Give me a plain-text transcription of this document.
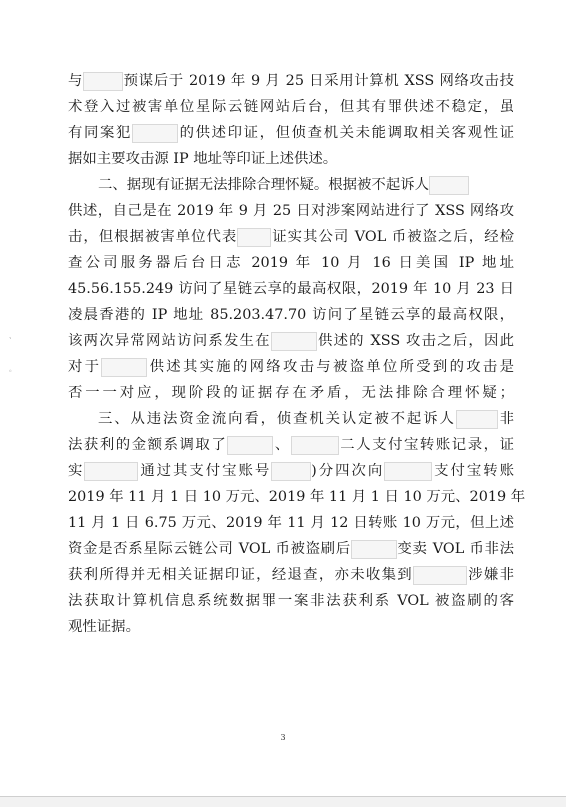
与	预谋后于 2019 年 9 月 25 日采用计算机 XSS 网络攻击技
术登入过被害单位星际云链网站后台，但其有罪供述不稳定，虽
有同案犯	的供述印证，但侦查机关未能调取相关客观性证
据如主要攻击源 IP 地址等印证上述供述。
二、据现有证据无法排除合理怀疑。根据被不起诉人
供述，自己是在 2019 年 9 月 25 日对涉案网站进行了 XSS 网络攻
击，但根据被害单位代表 证实其公司 VOL 币被盗之后，经检
查公司服务器后台日志 2019 年 10 月 16 日美国 IP 地址
45.56.155.249 访问了星链云享的最高权限，2019 年 10 月 23 日
凌晨香港的 IP 地址 85.203.47.70 访问了星链云享的最高权限，
该两次异常网站访问系发生在	供述的 XSS 攻击之后，因此
对于	供述其实施的网络攻击与被盗单位所受到的攻击是
否一一对应，现阶段的证据存在矛盾，无法排除合理怀疑；
三、从违法资金流向看，侦查机关认定被不起诉人	非
法获利的金额系调取了	、	二人支付宝转账记录，证
实	通过其支付宝账号	)分四次向	支付宝转账
2019 年 11 月 1 日 10 万元、2019 年 11 月 1 日 10 万元、2019 年
11 月 1 日 6.75 万元、2019 年 11 月 12 日转账 10 万元，但上述
资金是否系星际云链公司 VOL 币被盗刷后	变卖 VOL 币非法
获利所得并无相关证据印证，经退查，亦未收集到	涉嫌非
法获取计算机信息系统数据罪一案非法获利系 VOL 被盗刷的客
观性证据。
、
。
3
